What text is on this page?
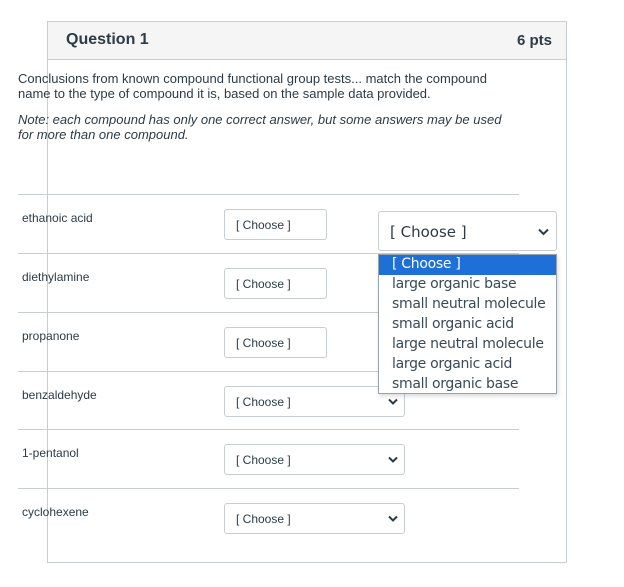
Question 1	6 pts
Conclusions from known compound functional group tests... match the compound name to the type of compound it is, based on the sample data provided.
Note: each compound has only one correct answer, but some answers may be used for more than one compound.
ethanoic acid	[ Choose ]
diethylamine	[ Choose ]
propanone	[ Choose ]
benzaldehyde	[ Choose ]
1-pentanol	[ Choose ]
cyclohexene	[ Choose ]
[ Choose ]
[ Choose ]
large organic base
small neutral molecule
small organic acid
large neutral molecule
large organic acid
small organic base
